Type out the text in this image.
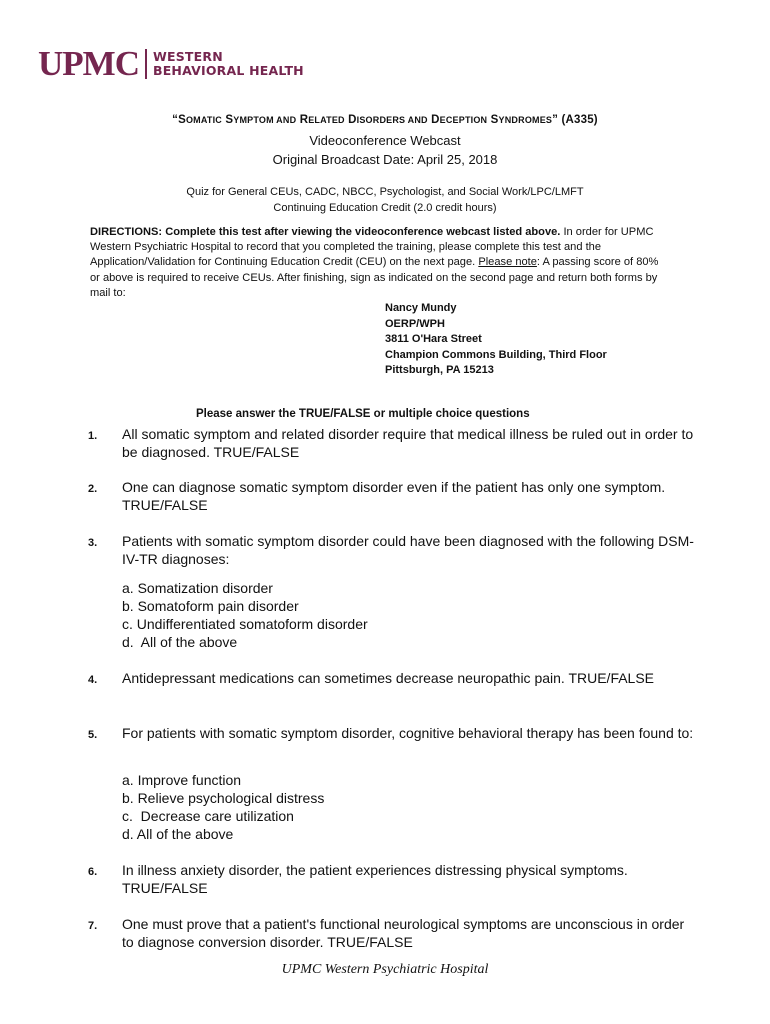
UPMC WESTERN
BEHAVIORAL HEALTH
“SOMATIC SYMPTOM AND RELATED DISORDERS AND DECEPTION SYNDROMES” (A335)
Videoconference Webcast
Original Broadcast Date: April 25, 2018
Quiz for General CEUs, CADC, NBCC, Psychologist, and Social Work/LPC/LMFT
Continuing Education Credit (2.0 credit hours)
DIRECTIONS: Complete this test after viewing the videoconference webcast listed above. In order for UPMC Western Psychiatric Hospital to record that you completed the training, please complete this test and the Application/Validation for Continuing Education Credit (CEU) on the next page. Please note: A passing score of 80% or above is required to receive CEUs. After finishing, sign as indicated on the second page and return both forms by mail to:
Nancy Mundy
OERP/WPH
3811 O'Hara Street
Champion Commons Building, Third Floor
Pittsburgh, PA 15213
Please answer the TRUE/FALSE or multiple choice questions
1. All somatic symptom and related disorder require that medical illness be ruled out in order to be diagnosed. TRUE/FALSE
2. One can diagnose somatic symptom disorder even if the patient has only one symptom. TRUE/FALSE
3. Patients with somatic symptom disorder could have been diagnosed with the following DSM-IV-TR diagnoses:
a. Somatization disorder
b. Somatoform pain disorder
c. Undifferentiated somatoform disorder
d.  All of the above
4. Antidepressant medications can sometimes decrease neuropathic pain. TRUE/FALSE
5. For patients with somatic symptom disorder, cognitive behavioral therapy has been found to:
a. Improve function
b. Relieve psychological distress
c.  Decrease care utilization
d. All of the above
6. In illness anxiety disorder, the patient experiences distressing physical symptoms. TRUE/FALSE
7. One must prove that a patient's functional neurological symptoms are unconscious in order to diagnose conversion disorder. TRUE/FALSE
UPMC Western Psychiatric Hospital
